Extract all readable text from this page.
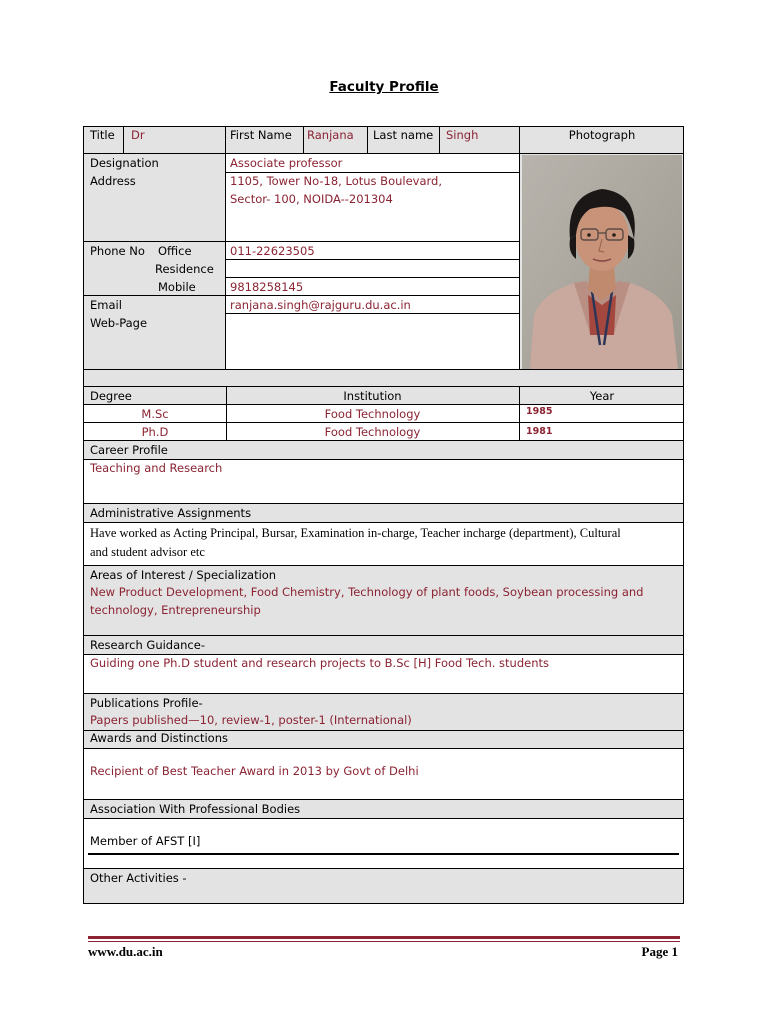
Faculty Profile
Title Dr	First Name Ranjana Last name Singh	Photograph
Designation	Associate professor
Address	1105, Tower No-18, Lotus Boulevard,
Sector- 100, NOIDA--201304
Phone No Office	011-22623505
Residence
Mobile	9818258145
Email	ranjana.singh@rajguru.du.ac.in
Web-Page
Degree	Institution	Year
M.Sc	Food Technology	1985
Ph.D	Food Technology	1981
Career Profile
Teaching and Research
Administrative Assignments
Have worked as Acting Principal, Bursar, Examination in-charge, Teacher incharge (department), Cultural
and student advisor etc
Areas of Interest / Specialization
New Product Development, Food Chemistry, Technology of plant foods, Soybean processing and
technology, Entrepreneurship
Research Guidance-
Guiding one Ph.D student and research projects to B.Sc [H] Food Tech. students
Publications Profile-
Papers published—10, review-1, poster-1 (International)
Awards and Distinctions
Recipient of Best Teacher Award in 2013 by Govt of Delhi
Association With Professional Bodies
Member of AFST [I]
Other Activities -
www.du.ac.in	Page 1
